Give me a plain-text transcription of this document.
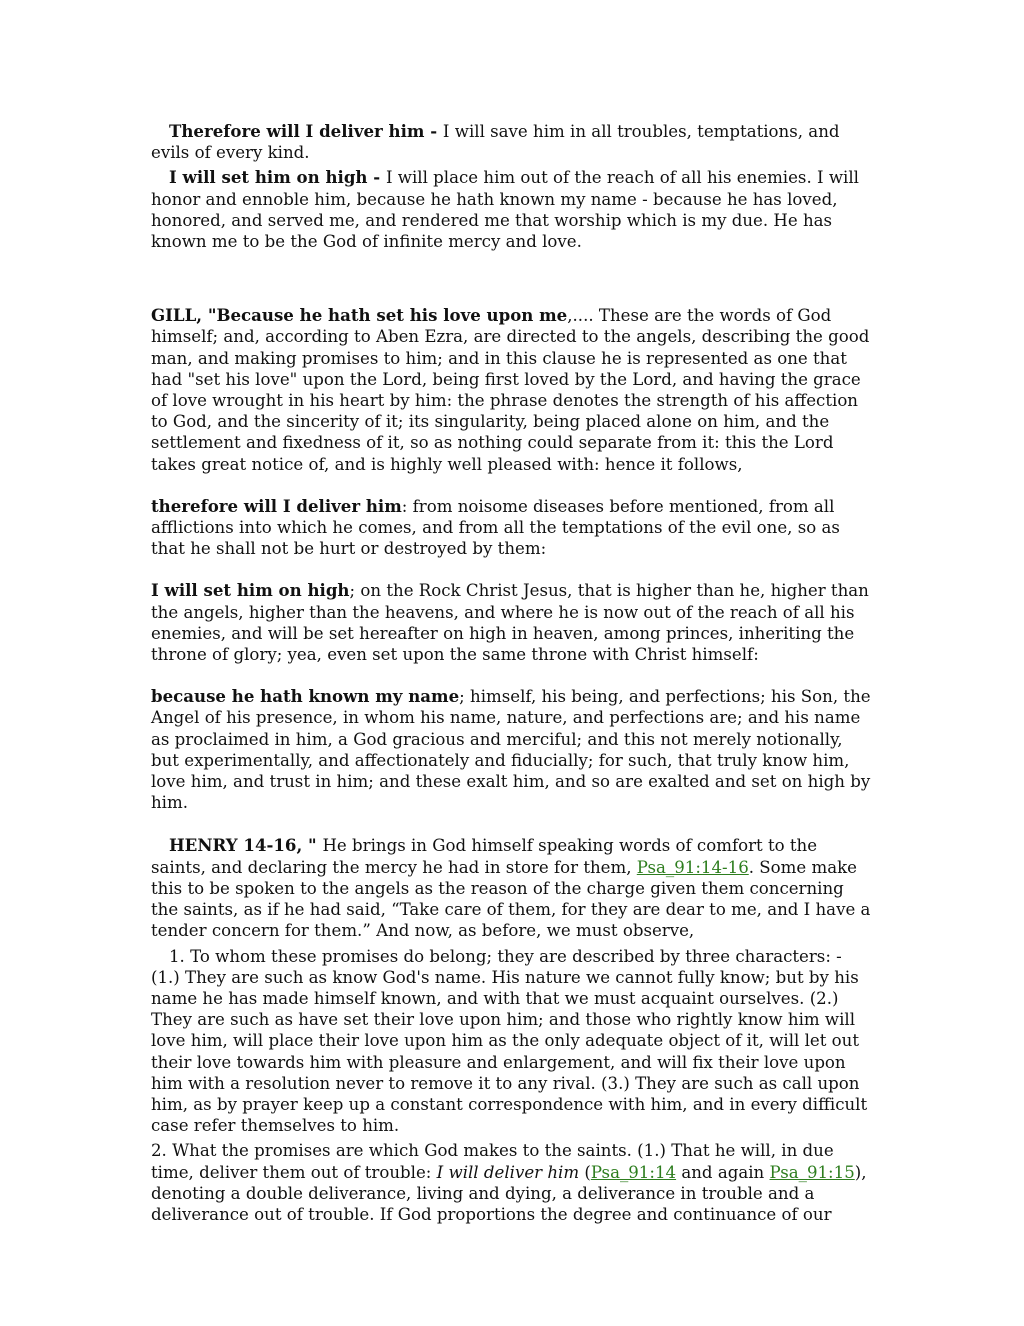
Therefore will I deliver him - I will save him in all troubles, temptations, and evils of every kind.

I will set him on high - I will place him out of the reach of all his enemies. I will honor and ennoble him, because he hath known my name - because he has loved, honored, and served me, and rendered me that worship which is my due. He has known me to be the God of infinite mercy and love.

GILL, "Because he hath set his love upon me,.... These are the words of God himself; and, according to Aben Ezra, are directed to the angels, describing the good man, and making promises to him; and in this clause he is represented as one that had "set his love" upon the Lord, being first loved by the Lord, and having the grace of love wrought in his heart by him: the phrase denotes the strength of his affection to God, and the sincerity of it; its singularity, being placed alone on him, and the settlement and fixedness of it, so as nothing could separate from it: this the Lord takes great notice of, and is highly well pleased with: hence it follows,

therefore will I deliver him: from noisome diseases before mentioned, from all afflictions into which he comes, and from all the temptations of the evil one, so as that he shall not be hurt or destroyed by them:

I will set him on high; on the Rock Christ Jesus, that is higher than he, higher than the angels, higher than the heavens, and where he is now out of the reach of all his enemies, and will be set hereafter on high in heaven, among princes, inheriting the throne of glory; yea, even set upon the same throne with Christ himself:

because he hath known my name; himself, his being, and perfections; his Son, the Angel of his presence, in whom his name, nature, and perfections are; and his name as proclaimed in him, a God gracious and merciful; and this not merely notionally, but experimentally, and affectionately and fiducially; for such, that truly know him, love him, and trust in him; and these exalt him, and so are exalted and set on high by him.

HENRY 14-16, " He brings in God himself speaking words of comfort to the saints, and declaring the mercy he had in store for them, Psa_91:14-16. Some make this to be spoken to the angels as the reason of the charge given them concerning the saints, as if he had said, “Take care of them, for they are dear to me, and I have a tender concern for them.” And now, as before, we must observe,

1. To whom these promises do belong; they are described by three characters: - (1.) They are such as know God's name. His nature we cannot fully know; but by his name he has made himself known, and with that we must acquaint ourselves. (2.) They are such as have set their love upon him; and those who rightly know him will love him, will place their love upon him as the only adequate object of it, will let out their love towards him with pleasure and enlargement, and will fix their love upon him with a resolution never to remove it to any rival. (3.) They are such as call upon him, as by prayer keep up a constant correspondence with him, and in every difficult case refer themselves to him.

2. What the promises are which God makes to the saints. (1.) That he will, in due time, deliver them out of trouble: I will deliver him (Psa_91:14 and again Psa_91:15), denoting a double deliverance, living and dying, a deliverance in trouble and a deliverance out of trouble. If God proportions the degree and continuance of our
